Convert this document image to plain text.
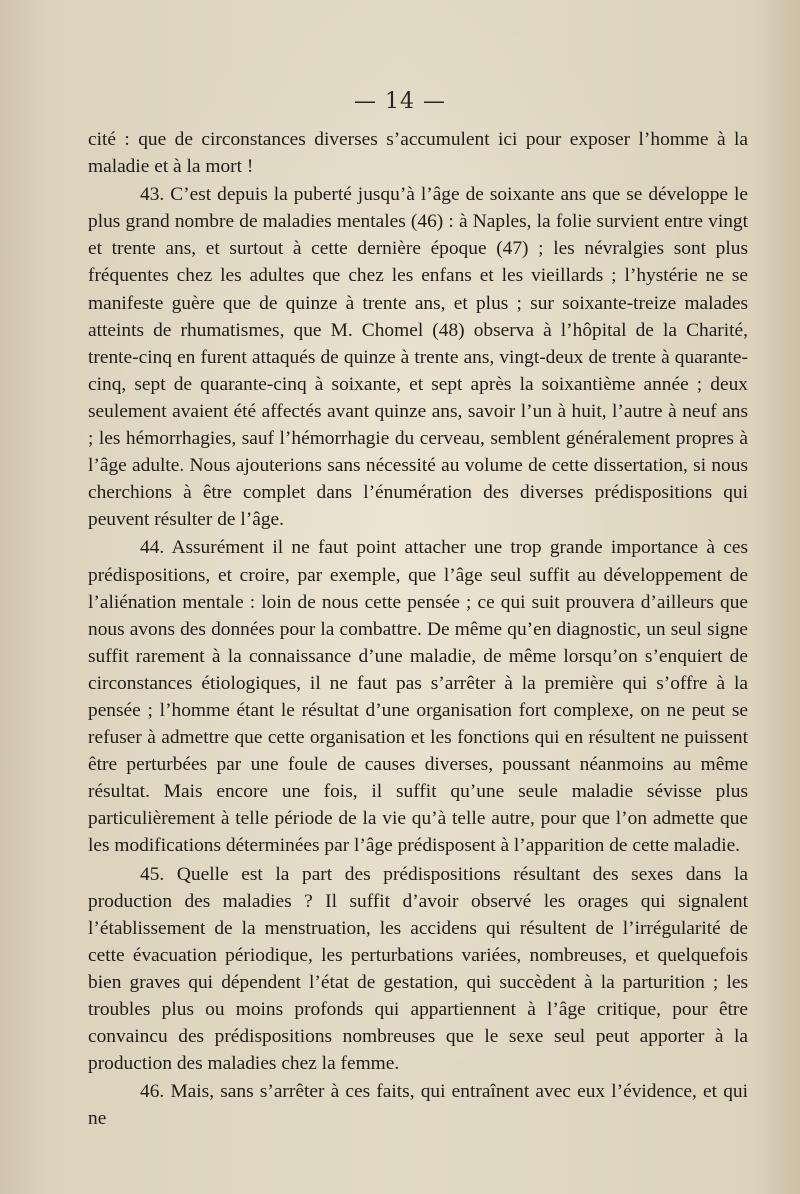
— 14 —

cité : que de circonstances diverses s’accumulent ici pour exposer l’homme à la maladie et à la mort !

43. C’est depuis la puberté jusqu’à l’âge de soixante ans que se développe le plus grand nombre de maladies mentales (46) : à Naples, la folie survient entre vingt et trente ans, et surtout à cette dernière époque (47) ; les névralgies sont plus fréquentes chez les adultes que chez les enfans et les vieillards ; l’hystérie ne se manifeste guère que de quinze à trente ans, et plus ; sur soixante-treize malades atteints de rhumatismes, que M. Chomel (48) observa à l’hôpital de la Charité, trente-cinq en furent attaqués de quinze à trente ans, vingt-deux de trente à quarante-cinq, sept de quarante-cinq à soixante, et sept après la soixantième année ; deux seulement avaient été affectés avant quinze ans, savoir l’un à huit, l’autre à neuf ans ; les hémorrhagies, sauf l’hémorrhagie du cerveau, semblent généralement propres à l’âge adulte. Nous ajouterions sans nécessité au volume de cette dissertation, si nous cherchions à être complet dans l’énumération des diverses prédispositions qui peuvent résulter de l’âge.

44. Assurément il ne faut point attacher une trop grande importance à ces prédispositions, et croire, par exemple, que l’âge seul suffit au développement de l’aliénation mentale : loin de nous cette pensée ; ce qui suit prouvera d’ailleurs que nous avons des données pour la combattre. De même qu’en diagnostic, un seul signe suffit rarement à la connaissance d’une maladie, de même lorsqu’on s’enquiert de circonstances étiologiques, il ne faut pas s’arrêter à la première qui s’offre à la pensée ; l’homme étant le résultat d’une organisation fort complexe, on ne peut se refuser à admettre que cette organisation et les fonctions qui en résultent ne puissent être perturbées par une foule de causes diverses, poussant néanmoins au même résultat. Mais encore une fois, il suffit qu’une seule maladie sévisse plus particulièrement à telle période de la vie qu’à telle autre, pour que l’on admette que les modifications déterminées par l’âge prédisposent à l’apparition de cette maladie.

45. Quelle est la part des prédispositions résultant des sexes dans la production des maladies ? Il suffit d’avoir observé les orages qui signalent l’établissement de la menstruation, les accidens qui résultent de l’irrégularité de cette évacuation périodique, les perturbations variées, nombreuses, et quelquefois bien graves qui dépendent l’état de gestation, qui succèdent à la parturition ; les troubles plus ou moins profonds qui appartiennent à l’âge critique, pour être convaincu des prédispositions nombreuses que le sexe seul peut apporter à la production des maladies chez la femme.

46. Mais, sans s’arrêter à ces faits, qui entraînent avec eux l’évidence, et qui ne
